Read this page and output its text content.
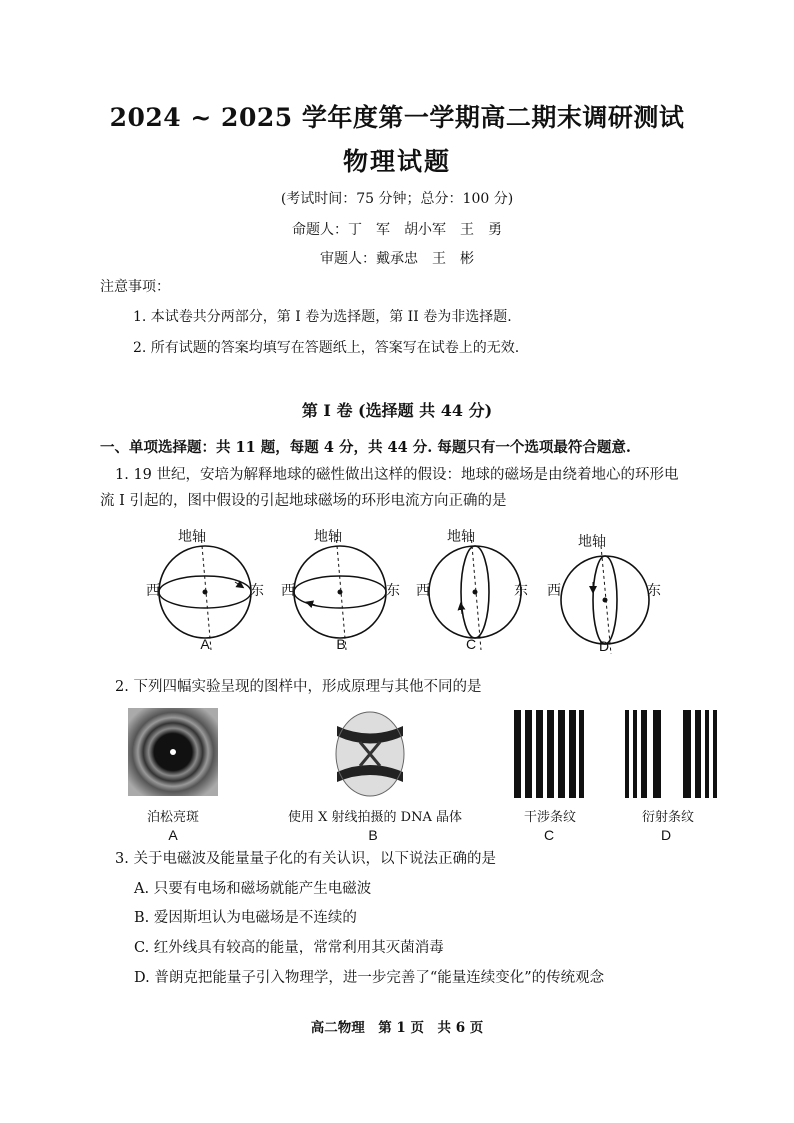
2024 ~ 2025 学年度第一学期高二期末调研测试
物理试题
(考试时间：75 分钟；总分：100 分)
命题人：丁　军　胡小军　王　勇
审题人：戴承忠　王　彬
注意事项：
1. 本试卷共分两部分，第 I 卷为选择题，第 II 卷为非选择题.
2. 所有试题的答案均填写在答题纸上，答案写在试卷上的无效.
第 I 卷 (选择题 共 44 分)
一、单项选择题：共 11 题，每题 4 分，共 44 分. 每题只有一个选项最符合题意.
1. 19 世纪，安培为解释地球的磁性做出这样的假设：地球的磁场是由绕着地心的环形电
流 I 引起的，图中假设的引起地球磁场的环形电流方向正确的是
地轴	地轴	地轴	地轴
西	东 西	东 西	东 西	东
A	B	C	D
2. 下列四幅实验呈现的图样中，形成原理与其他不同的是
泊松亮斑	使用 X 射线拍摄的 DNA 晶体	干涉条纹	衍射条纹
A	B	C	D
3. 关于电磁波及能量量子化的有关认识，以下说法正确的是
A. 只要有电场和磁场就能产生电磁波
B. 爱因斯坦认为电磁场是不连续的
C. 红外线具有较高的能量，常常利用其灭菌消毒
D. 普朗克把能量子引入物理学，进一步完善了“能量连续变化”的传统观念
高二物理　第 1 页　共 6 页
